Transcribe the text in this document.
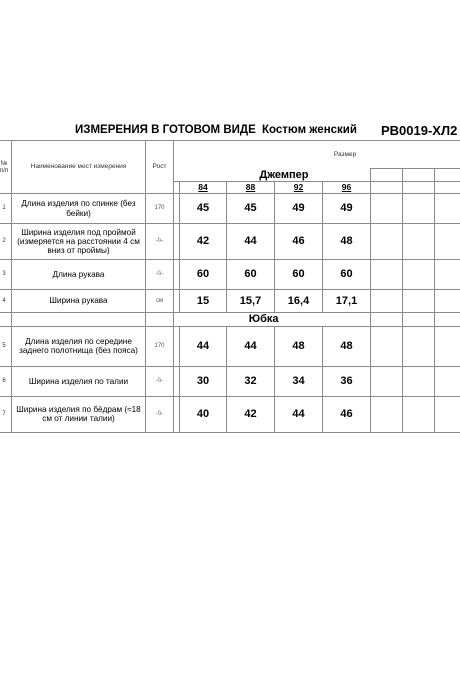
ИЗМЕРЕНИЯ В ГОТОВОМ ВИДЕ Костюм женский РВ0019-ХЛ2
№ п/п	Наименование мест измерения	Рост	Размер									
				Джемпер								
				84	88	92	96					
1	Длина изделия по спинке (без бейки)	170		45	45	49	49					
2	Ширина изделия под проймой (измеряется на расстоянии 4 см вниз от проймы)	-\\-		42	44	46	48					
3	Длина рукава	-\\-		60	60	60	60					
4	Ширина рукава	см		15	15,7	16,4	17,1					
				Юбка								
5	Длина изделия по середине заднего полотнища (без пояса)	170		44	44	48	48					
6	Ширина изделия по талии	-\\-		30	32	34	36					
7	Ширина изделия по бёдрам (≈18 см от линии талии)	-\\-		40	42	44	46					
